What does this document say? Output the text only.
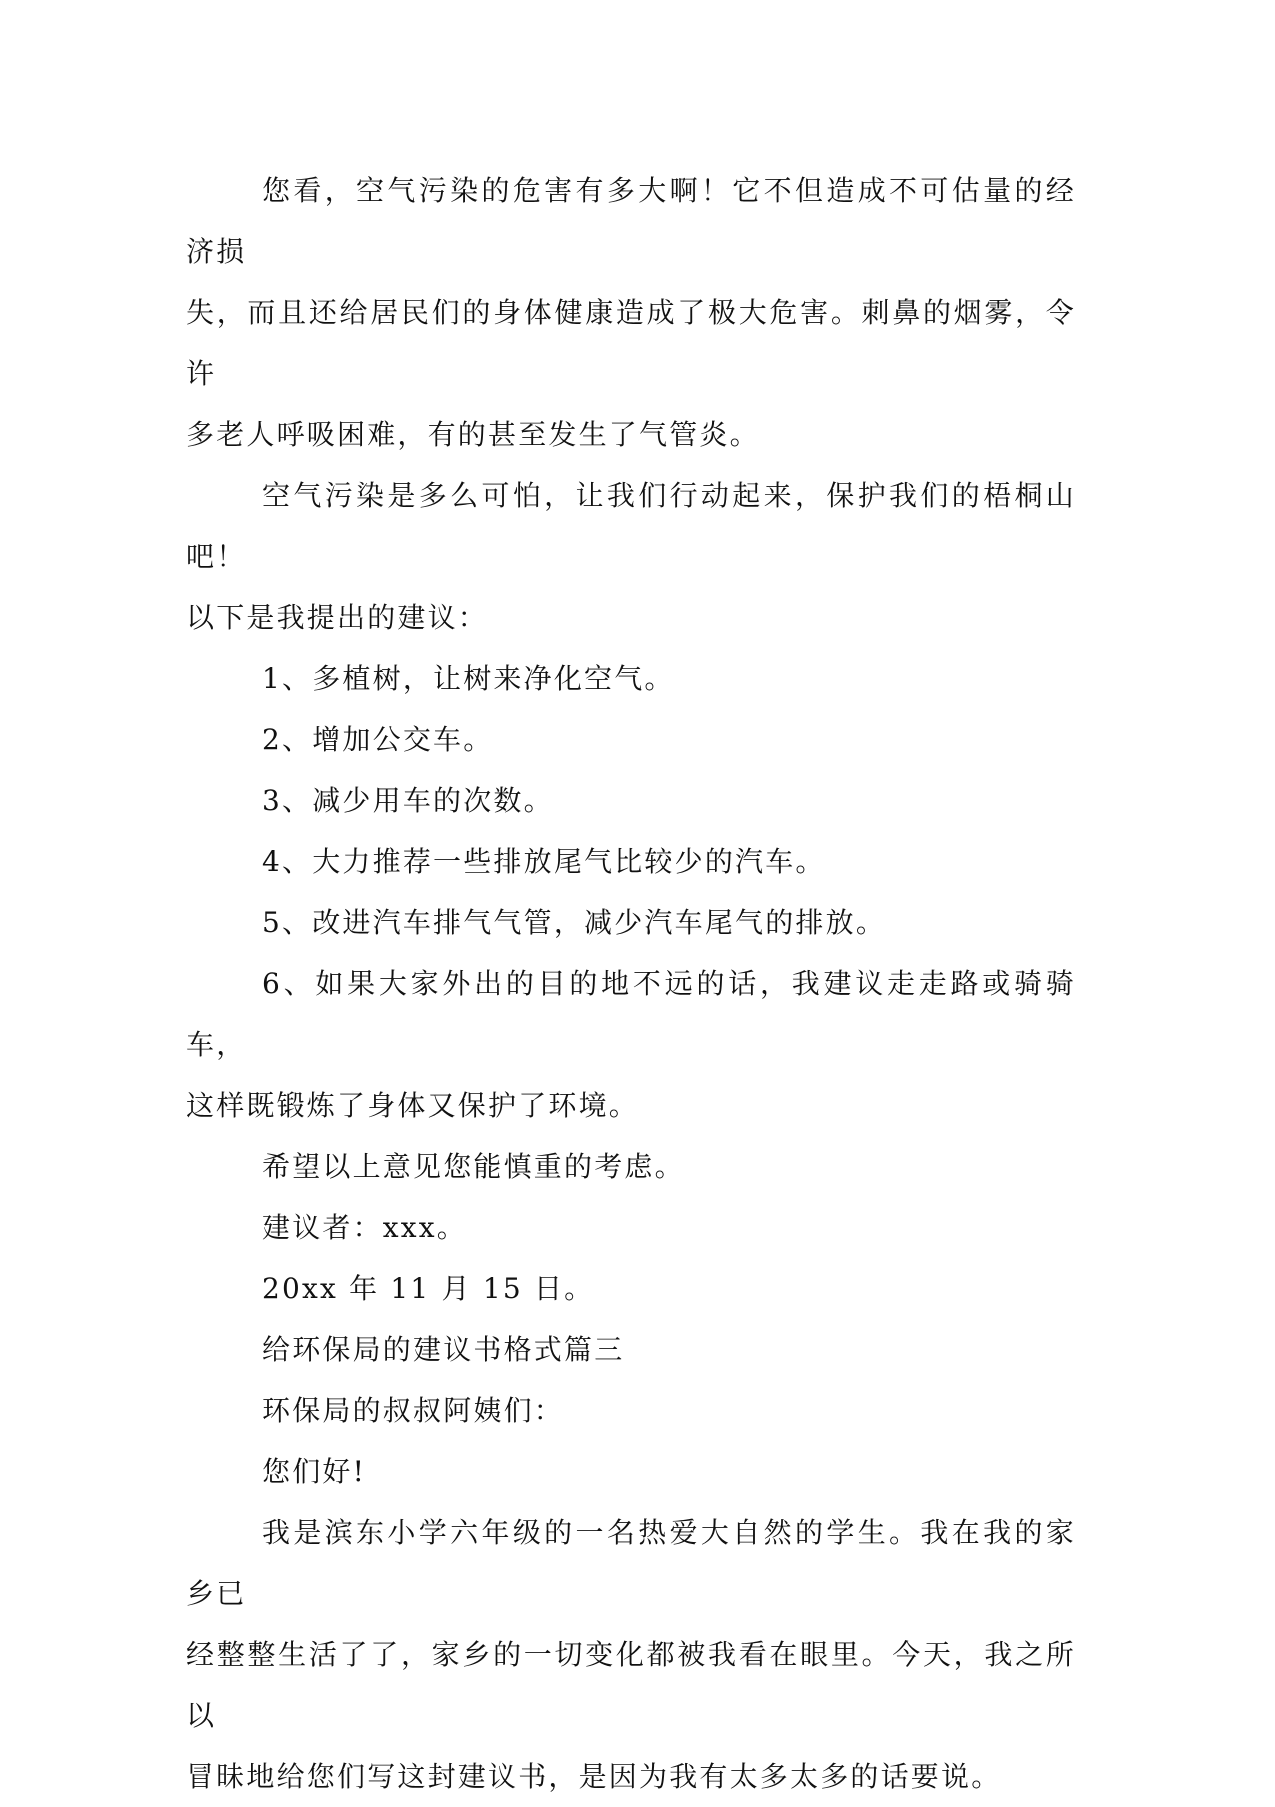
您看，空气污染的危害有多大啊！它不但造成不可估量的经济损
失，而且还给居民们的身体健康造成了极大危害。刺鼻的烟雾，令许
多老人呼吸困难，有的甚至发生了气管炎。

空气污染是多么可怕，让我们行动起来，保护我们的梧桐山吧！
以下是我提出的建议：

1、多植树，让树来净化空气。

2、增加公交车。

3、减少用车的次数。

4、大力推荐一些排放尾气比较少的汽车。

5、改进汽车排气气管，减少汽车尾气的排放。

6、如果大家外出的目的地不远的话，我建议走走路或骑骑车，
这样既锻炼了身体又保护了环境。

希望以上意见您能慎重的考虑。

建议者：xxx。

20xx 年 11 月 15 日。

给环保局的建议书格式篇三

环保局的叔叔阿姨们：

您们好!

我是滨东小学六年级的一名热爱大自然的学生。我在我的家乡已
经整整生活了了，家乡的一切变化都被我看在眼里。今天，我之所以
冒昧地给您们写这封建议书，是因为我有太多太多的话要说。
